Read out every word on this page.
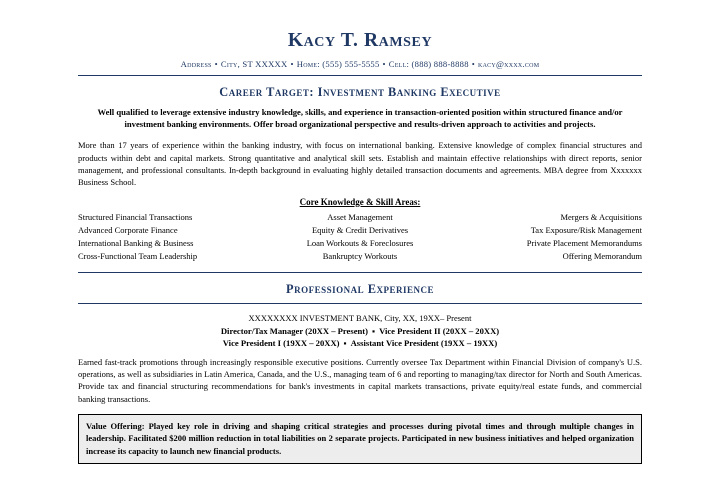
Kacy T. Ramsey
Address • City, ST XXXXX • Home: (555) 555-5555 • Cell: (888) 888-8888 • kacy@xxxx.com
Career Target: Investment Banking Executive
Well qualified to leverage extensive industry knowledge, skills, and experience in transaction-oriented position within structured finance and/or investment banking environments. Offer broad organizational perspective and results-driven approach to activities and projects.
More than 17 years of experience within the banking industry, with focus on international banking. Extensive knowledge of complex financial structures and products within debt and capital markets. Strong quantitative and analytical skill sets. Establish and maintain effective relationships with direct reports, senior management, and professional consultants. In-depth background in evaluating highly detailed transaction documents and agreements. MBA degree from Xxxxxxx Business School.
Core Knowledge & Skill Areas:
Structured Financial Transactions	Asset Management	Mergers & Acquisitions
Advanced Corporate Finance	Equity & Credit Derivatives	Tax Exposure/Risk Management
International Banking & Business	Loan Workouts & Foreclosures	Private Placement Memorandums
Cross-Functional Team Leadership	Bankruptcy Workouts	Offering Memorandum
Professional Experience
XXXXXXXX INVESTMENT BANK, City, XX, 19XX– Present
Director/Tax Manager (20XX – Present) ▪ Vice President II (20XX – 20XX)
Vice President I (19XX – 20XX) ▪ Assistant Vice President (19XX – 19XX)
Earned fast-track promotions through increasingly responsible executive positions. Currently oversee Tax Department within Financial Division of company's U.S. operations, as well as subsidiaries in Latin America, Canada, and the U.S., managing team of 6 and reporting to managing/tax director for North and South Americas. Provide tax and financial structuring recommendations for bank's investments in capital markets transactions, private equity/real estate funds, and commercial banking transactions.
Value Offering: Played key role in driving and shaping critical strategies and processes during pivotal times and through multiple changes in leadership. Facilitated $200 million reduction in total liabilities on 2 separate projects. Participated in new business initiatives and helped organization increase its capacity to launch new financial products.
